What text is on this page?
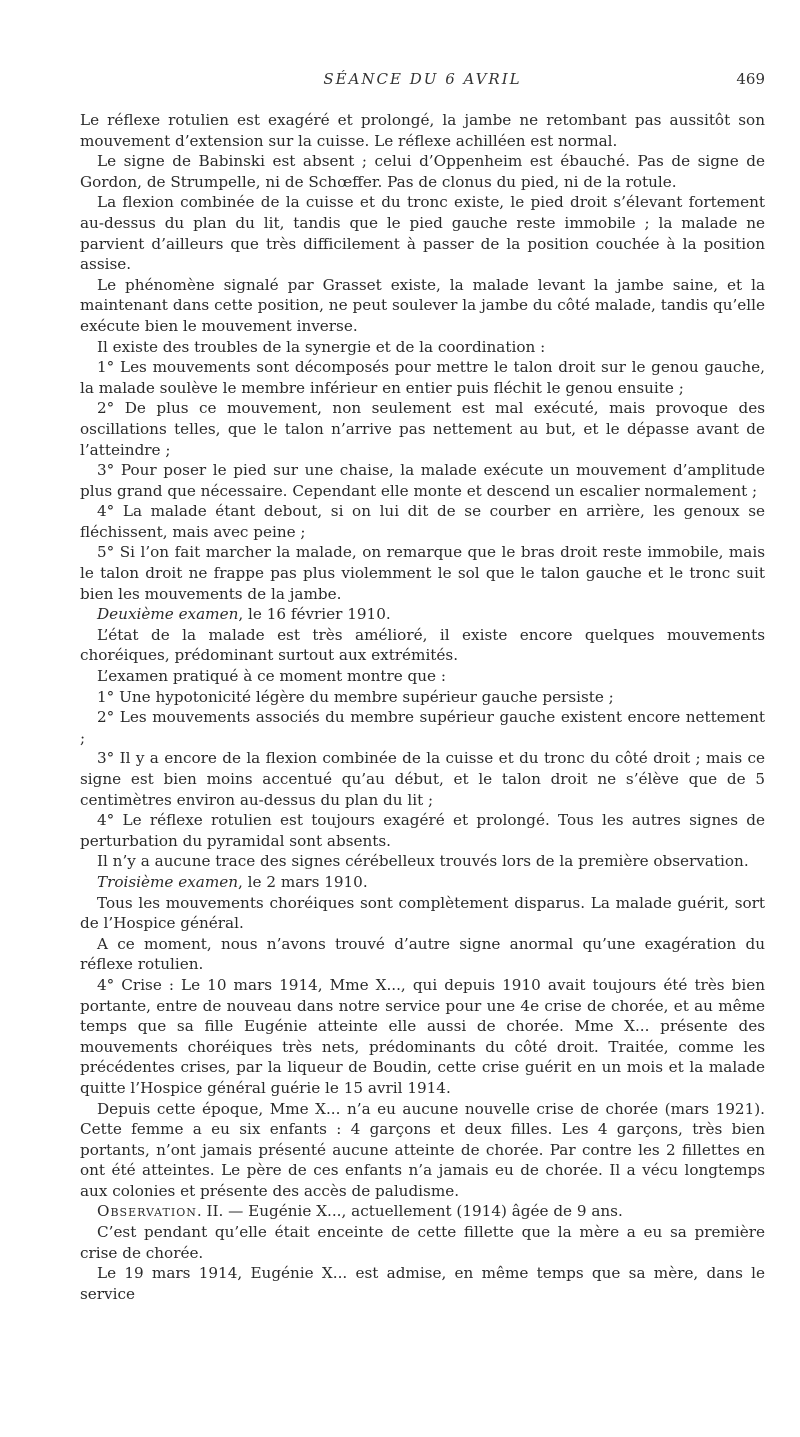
SÉANCE DU 6 AVRIL	469

Le réflexe rotulien est exagéré et prolongé, la jambe ne retombant pas aussitôt son mouvement d’extension sur la cuisse. Le réflexe achilléen est normal.

Le signe de Babinski est absent ; celui d’Oppenheim est ébauché. Pas de signe de Gordon, de Strumpelle, ni de Schœffer. Pas de clonus du pied, ni de la rotule.

La flexion combinée de la cuisse et du tronc existe, le pied droit s’élevant fortement au-dessus du plan du lit, tandis que le pied gauche reste immobile ; la malade ne parvient d’ailleurs que très difficilement à passer de la position couchée à la position assise.

Le phénomène signalé par Grasset existe, la malade levant la jambe saine, et la maintenant dans cette position, ne peut soulever la jambe du côté malade, tandis qu’elle exécute bien le mouvement inverse.

Il existe des troubles de la synergie et de la coordination :

1° Les mouvements sont décomposés pour mettre le talon droit sur le genou gauche, la malade soulève le membre inférieur en entier puis fléchit le genou ensuite ;

2° De plus ce mouvement, non seulement est mal exécuté, mais provoque des oscillations telles, que le talon n’arrive pas nettement au but, et le dépasse avant de l’atteindre ;

3° Pour poser le pied sur une chaise, la malade exécute un mouvement d’amplitude plus grand que nécessaire. Cependant elle monte et descend un escalier normalement ;

4° La malade étant debout, si on lui dit de se courber en arrière, les genoux se fléchissent, mais avec peine ;

5° Si l’on fait marcher la malade, on remarque que le bras droit reste immobile, mais le talon droit ne frappe pas plus violemment le sol que le talon gauche et le tronc suit bien les mouvements de la jambe.

Deuxième examen, le 16 février 1910.

L’état de la malade est très amélioré, il existe encore quelques mouvements choréiques, prédominant surtout aux extrémités.

L’examen pratiqué à ce moment montre que :

1° Une hypotonicité légère du membre supérieur gauche persiste ;

2° Les mouvements associés du membre supérieur gauche existent encore nettement ;

3° Il y a encore de la flexion combinée de la cuisse et du tronc du côté droit ; mais ce signe est bien moins accentué qu’au début, et le talon droit ne s’élève que de 5 centimètres environ au-dessus du plan du lit ;

4° Le réflexe rotulien est toujours exagéré et prolongé. Tous les autres signes de perturbation du pyramidal sont absents.

Il n’y a aucune trace des signes cérébelleux trouvés lors de la première observation.

Troisième examen, le 2 mars 1910.

Tous les mouvements choréiques sont complètement disparus. La malade guérit, sort de l’Hospice général.

A ce moment, nous n’avons trouvé d’autre signe anormal qu’une exagération du réflexe rotulien.

4° Crise : Le 10 mars 1914, Mme X..., qui depuis 1910 avait toujours été très bien portante, entre de nouveau dans notre service pour une 4e crise de chorée, et au même temps que sa fille Eugénie atteinte elle aussi de chorée. Mme X... présente des mouvements choréiques très nets, prédominants du côté droit. Traitée, comme les précédentes crises, par la liqueur de Boudin, cette crise guérit en un mois et la malade quitte l’Hospice général guérie le 15 avril 1914.

Depuis cette époque, Mme X... n’a eu aucune nouvelle crise de chorée (mars 1921). Cette femme a eu six enfants : 4 garçons et deux filles. Les 4 garçons, très bien portants, n’ont jamais présenté aucune atteinte de chorée. Par contre les 2 fillettes en ont été atteintes. Le père de ces enfants n’a jamais eu de chorée. Il a vécu longtemps aux colonies et présente des accès de paludisme.

Observation. II. — Eugénie X..., actuellement (1914) âgée de 9 ans.

C’est pendant qu’elle était enceinte de cette fillette que la mère a eu sa première crise de chorée.

Le 19 mars 1914, Eugénie X... est admise, en même temps que sa mère, dans le service
